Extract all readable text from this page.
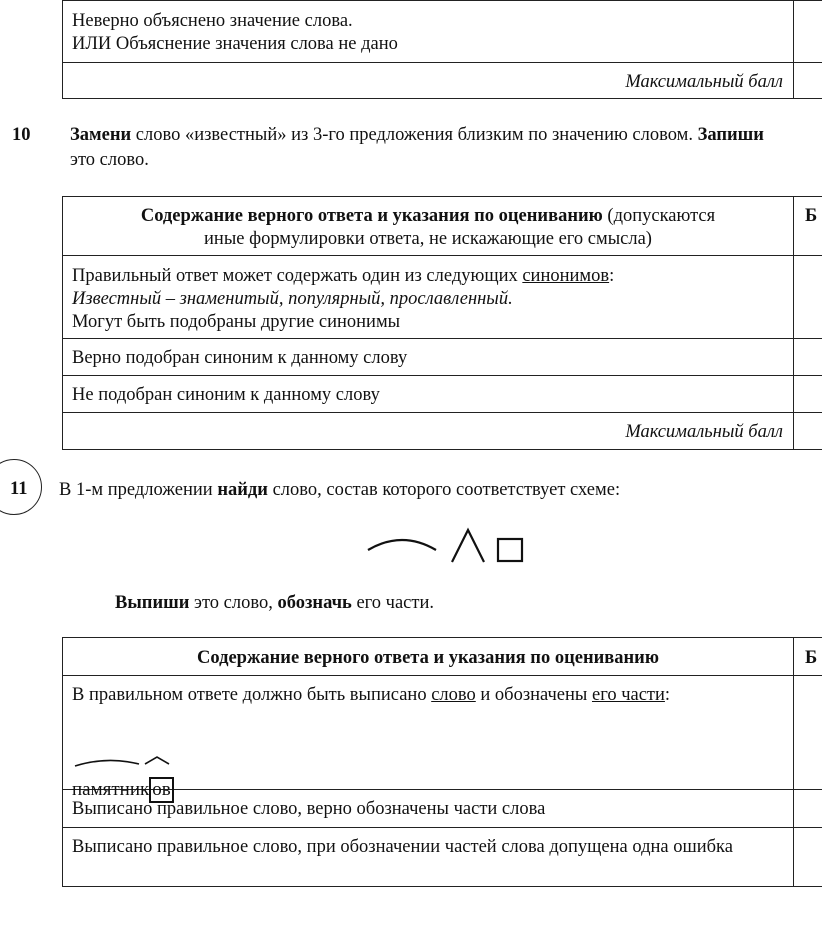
Неверно объяснено значение слова.
ИЛИ Объяснение значения слова не дано
Максимальный балл
10 Замени слово «известный» из 3-го предложения близким по значению словом. Запиши
это слово.
Содержание верного ответа и указания по оцениванию (допускаются
иные формулировки ответа, не искажающие его смысла)
Б
Правильный ответ может содержать один из следующих синонимов:
Известный – знаменитый, популярный, прославленный.
Могут быть подобраны другие синонимы
Верно подобран синоним к данному слову
Не подобран синоним к данному слову
Максимальный балл
11 В 1-м предложении найди слово, состав которого соответствует схеме:
Выпиши это слово, обозначь его части.
Содержание верного ответа и указания по оцениванию	Б
В правильном ответе должно быть выписано слово и обозначены его части:
памятник ов
Выписано правильное слово, верно обозначены части слова
Выписано правильное слово, при обозначении частей слова допущена одна ошибка
